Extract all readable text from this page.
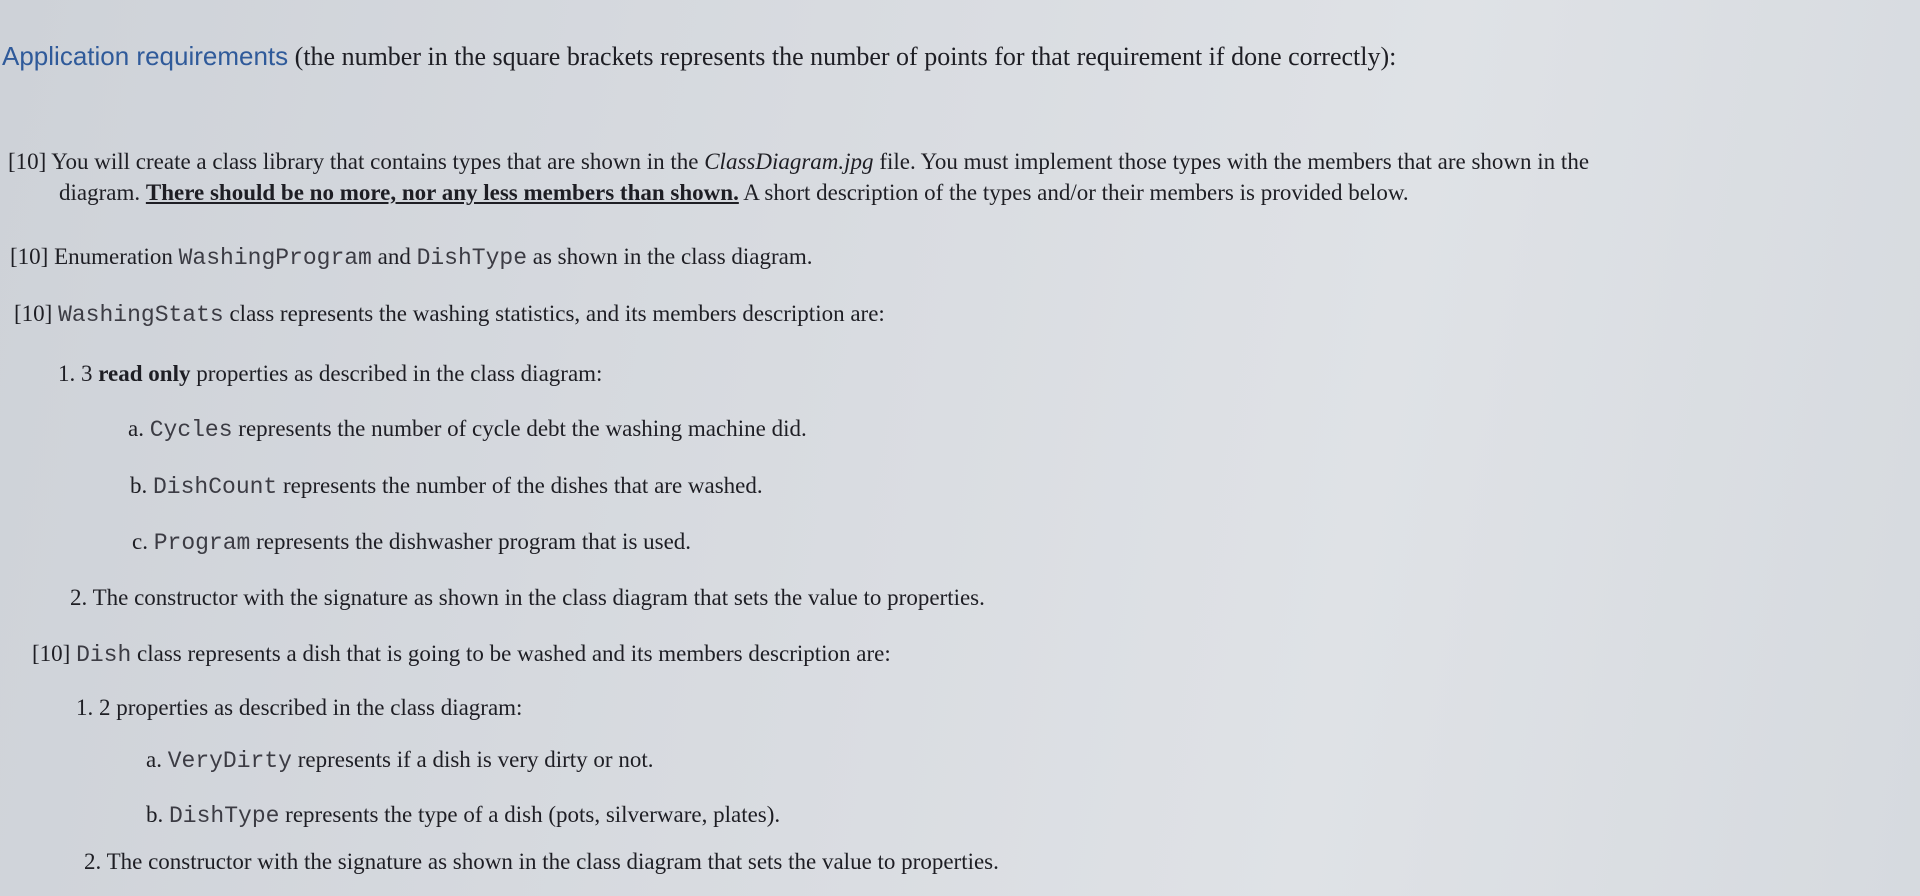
Application requirements (the number in the square brackets represents the number of points for that requirement if done correctly):
[10] You will create a class library that contains types that are shown in the ClassDiagram.jpg file. You must implement those types with the members that are shown in the
diagram. There should be no more, nor any less members than shown. A short description of the types and/or their members is provided below.
[10] Enumeration WashingProgram and DishType as shown in the class diagram.
[10] WashingStats class represents the washing statistics, and its members description are:
1. 3 read only properties as described in the class diagram:
a. Cycles represents the number of cycle debt the washing machine did.
b. DishCount represents the number of the dishes that are washed.
c. Program represents the dishwasher program that is used.
2. The constructor with the signature as shown in the class diagram that sets the value to properties.
[10] Dish class represents a dish that is going to be washed and its members description are:
1. 2 properties as described in the class diagram:
a. VeryDirty represents if a dish is very dirty or not.
b. DishType represents the type of a dish (pots, silverware, plates).
2. The constructor with the signature as shown in the class diagram that sets the value to properties.
